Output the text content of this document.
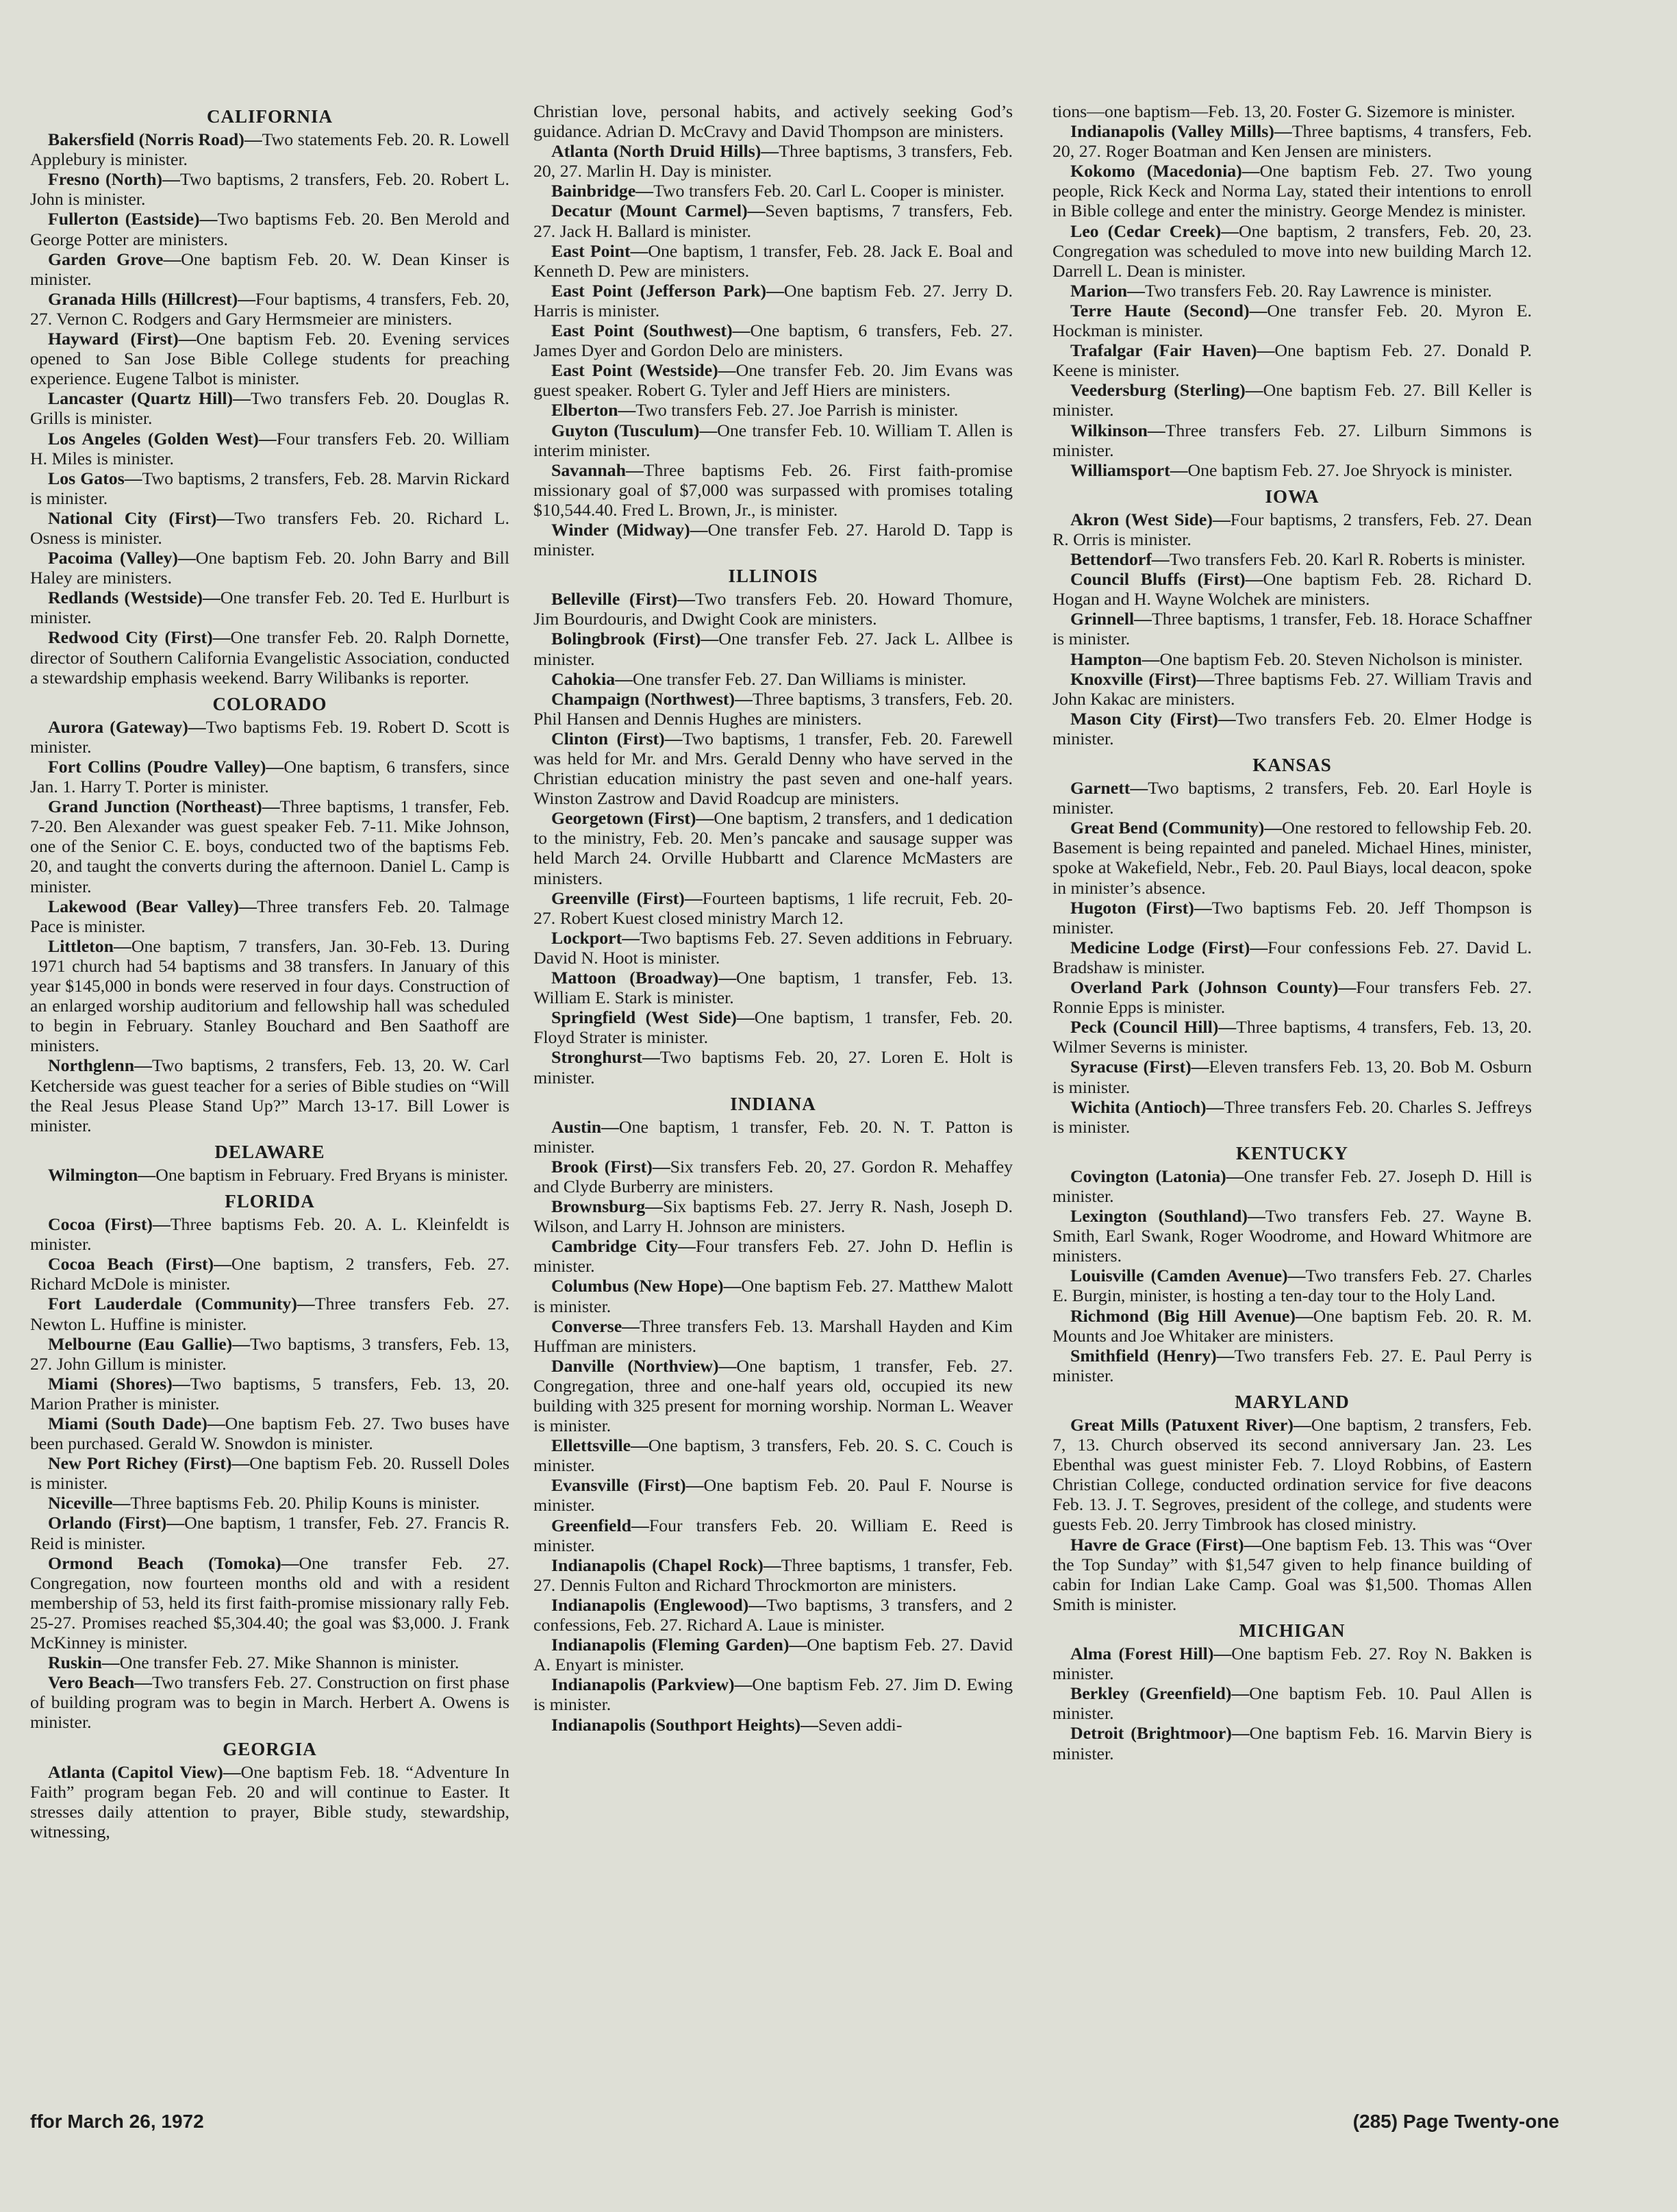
CALIFORNIA

Bakersfield (Norris Road)—Two statements Feb. 20. R. Lowell Applebury is minister.

Fresno (North)—Two baptisms, 2 transfers, Feb. 20. Robert L. John is minister.

Fullerton (Eastside)—Two baptisms Feb. 20. Ben Merold and George Potter are ministers.

Garden Grove—One baptism Feb. 20. W. Dean Kinser is minister.

Granada Hills (Hillcrest)—Four baptisms, 4 transfers, Feb. 20, 27. Vernon C. Rodgers and Gary Hermsmeier are ministers.

Hayward (First)—One baptism Feb. 20. Evening services opened to San Jose Bible College students for preaching experience. Eugene Talbot is minister.

Lancaster (Quartz Hill)—Two transfers Feb. 20. Douglas R. Grills is minister.

Los Angeles (Golden West)—Four transfers Feb. 20. William H. Miles is minister.

Los Gatos—Two baptisms, 2 transfers, Feb. 28. Marvin Rickard is minister.

National City (First)—Two transfers Feb. 20. Richard L. Osness is minister.

Pacoima (Valley)—One baptism Feb. 20. John Barry and Bill Haley are ministers.

Redlands (Westside)—One transfer Feb. 20. Ted E. Hurlburt is minister.

Redwood City (First)—One transfer Feb. 20. Ralph Dornette, director of Southern California Evangelistic Association, conducted a stewardship emphasis weekend. Barry Wilibanks is reporter.

COLORADO

Aurora (Gateway)—Two baptisms Feb. 19. Robert D. Scott is minister.

Fort Collins (Poudre Valley)—One baptism, 6 transfers, since Jan. 1. Harry T. Porter is minister.

Grand Junction (Northeast)—Three baptisms, 1 transfer, Feb. 7-20. Ben Alexander was guest speaker Feb. 7-11. Mike Johnson, one of the Senior C. E. boys, conducted two of the baptisms Feb. 20, and taught the converts during the afternoon. Daniel L. Camp is minister.

Lakewood (Bear Valley)—Three transfers Feb. 20. Talmage Pace is minister.

Littleton—One baptism, 7 transfers, Jan. 30-Feb. 13. During 1971 church had 54 baptisms and 38 transfers. In January of this year $145,000 in bonds were reserved in four days. Construction of an enlarged worship auditorium and fellowship hall was scheduled to begin in February. Stanley Bouchard and Ben Saathoff are ministers.

Northglenn—Two baptisms, 2 transfers, Feb. 13, 20. W. Carl Ketcherside was guest teacher for a series of Bible studies on “Will the Real Jesus Please Stand Up?” March 13-17. Bill Lower is minister.

DELAWARE

Wilmington—One baptism in February. Fred Bryans is minister.

FLORIDA

Cocoa (First)—Three baptisms Feb. 20. A. L. Kleinfeldt is minister.

Cocoa Beach (First)—One baptism, 2 transfers, Feb. 27. Richard McDole is minister.

Fort Lauderdale (Community)—Three transfers Feb. 27. Newton L. Huffine is minister.

Melbourne (Eau Gallie)—Two baptisms, 3 transfers, Feb. 13, 27. John Gillum is minister.

Miami (Shores)—Two baptisms, 5 transfers, Feb. 13, 20. Marion Prather is minister.

Miami (South Dade)—One baptism Feb. 27. Two buses have been purchased. Gerald W. Snowdon is minister.

New Port Richey (First)—One baptism Feb. 20. Russell Doles is minister.

Niceville—Three baptisms Feb. 20. Philip Kouns is minister.

Orlando (First)—One baptism, 1 transfer, Feb. 27. Francis R. Reid is minister.

Ormond Beach (Tomoka)—One transfer Feb. 27. Congregation, now fourteen months old and with a resident membership of 53, held its first faith-promise missionary rally Feb. 25-27. Promises reached $5,304.40; the goal was $3,000. J. Frank McKinney is minister.

Ruskin—One transfer Feb. 27. Mike Shannon is minister.

Vero Beach—Two transfers Feb. 27. Construction on first phase of building program was to begin in March. Herbert A. Owens is minister.

GEORGIA

Atlanta (Capitol View)—One baptism Feb. 18. “Adventure In Faith” program began Feb. 20 and will continue to Easter. It stresses daily attention to prayer, Bible study, stewardship, witnessing,

Christian love, personal habits, and actively seeking God’s guidance. Adrian D. McCravy and David Thompson are ministers.

Atlanta (North Druid Hills)—Three baptisms, 3 transfers, Feb. 20, 27. Marlin H. Day is minister.

Bainbridge—Two transfers Feb. 20. Carl L. Cooper is minister.

Decatur (Mount Carmel)—Seven baptisms, 7 transfers, Feb. 27. Jack H. Ballard is minister.

East Point—One baptism, 1 transfer, Feb. 28. Jack E. Boal and Kenneth D. Pew are ministers.

East Point (Jefferson Park)—One baptism Feb. 27. Jerry D. Harris is minister.

East Point (Southwest)—One baptism, 6 transfers, Feb. 27. James Dyer and Gordon Delo are ministers.

East Point (Westside)—One transfer Feb. 20. Jim Evans was guest speaker. Robert G. Tyler and Jeff Hiers are ministers.

Elberton—Two transfers Feb. 27. Joe Parrish is minister.

Guyton (Tusculum)—One transfer Feb. 10. William T. Allen is interim minister.

Savannah—Three baptisms Feb. 26. First faith-promise missionary goal of $7,000 was surpassed with promises totaling $10,544.40. Fred L. Brown, Jr., is minister.

Winder (Midway)—One transfer Feb. 27. Harold D. Tapp is minister.

ILLINOIS

Belleville (First)—Two transfers Feb. 20. Howard Thomure, Jim Bourdouris, and Dwight Cook are ministers.

Bolingbrook (First)—One transfer Feb. 27. Jack L. Allbee is minister.

Cahokia—One transfer Feb. 27. Dan Williams is minister.

Champaign (Northwest)—Three baptisms, 3 transfers, Feb. 20. Phil Hansen and Dennis Hughes are ministers.

Clinton (First)—Two baptisms, 1 transfer, Feb. 20. Farewell was held for Mr. and Mrs. Gerald Denny who have served in the Christian education ministry the past seven and one-half years. Winston Zastrow and David Roadcup are ministers.

Georgetown (First)—One baptism, 2 transfers, and 1 dedication to the ministry, Feb. 20. Men’s pancake and sausage supper was held March 24. Orville Hubbartt and Clarence McMasters are ministers.

Greenville (First)—Fourteen baptisms, 1 life recruit, Feb. 20-27. Robert Kuest closed ministry March 12.

Lockport—Two baptisms Feb. 27. Seven additions in February. David N. Hoot is minister.

Mattoon (Broadway)—One baptism, 1 transfer, Feb. 13. William E. Stark is minister.

Springfield (West Side)—One baptism, 1 transfer, Feb. 20. Floyd Strater is minister.

Stronghurst—Two baptisms Feb. 20, 27. Loren E. Holt is minister.

INDIANA

Austin—One baptism, 1 transfer, Feb. 20. N. T. Patton is minister.

Brook (First)—Six transfers Feb. 20, 27. Gordon R. Mehaffey and Clyde Burberry are ministers.

Brownsburg—Six baptisms Feb. 27. Jerry R. Nash, Joseph D. Wilson, and Larry H. Johnson are ministers.

Cambridge City—Four transfers Feb. 27. John D. Heflin is minister.

Columbus (New Hope)—One baptism Feb. 27. Matthew Malott is minister.

Converse—Three transfers Feb. 13. Marshall Hayden and Kim Huffman are ministers.

Danville (Northview)—One baptism, 1 transfer, Feb. 27. Congregation, three and one-half years old, occupied its new building with 325 present for morning worship. Norman L. Weaver is minister.

Ellettsville—One baptism, 3 transfers, Feb. 20. S. C. Couch is minister.

Evansville (First)—One baptism Feb. 20. Paul F. Nourse is minister.

Greenfield—Four transfers Feb. 20. William E. Reed is minister.

Indianapolis (Chapel Rock)—Three baptisms, 1 transfer, Feb. 27. Dennis Fulton and Richard Throckmorton are ministers.

Indianapolis (Englewood)—Two baptisms, 3 transfers, and 2 confessions, Feb. 27. Richard A. Laue is minister.

Indianapolis (Fleming Garden)—One baptism Feb. 27. David A. Enyart is minister.

Indianapolis (Parkview)—One baptism Feb. 27. Jim D. Ewing is minister.

Indianapolis (Southport Heights)—Seven addi-

tions—one baptism—Feb. 13, 20. Foster G. Sizemore is minister.

Indianapolis (Valley Mills)—Three baptisms, 4 transfers, Feb. 20, 27. Roger Boatman and Ken Jensen are ministers.

Kokomo (Macedonia)—One baptism Feb. 27. Two young people, Rick Keck and Norma Lay, stated their intentions to enroll in Bible college and enter the ministry. George Mendez is minister.

Leo (Cedar Creek)—One baptism, 2 transfers, Feb. 20, 23. Congregation was scheduled to move into new building March 12. Darrell L. Dean is minister.

Marion—Two transfers Feb. 20. Ray Lawrence is minister.

Terre Haute (Second)—One transfer Feb. 20. Myron E. Hockman is minister.

Trafalgar (Fair Haven)—One baptism Feb. 27. Donald P. Keene is minister.

Veedersburg (Sterling)—One baptism Feb. 27. Bill Keller is minister.

Wilkinson—Three transfers Feb. 27. Lilburn Simmons is minister.

Williamsport—One baptism Feb. 27. Joe Shryock is minister.

IOWA

Akron (West Side)—Four baptisms, 2 transfers, Feb. 27. Dean R. Orris is minister.

Bettendorf—Two transfers Feb. 20. Karl R. Roberts is minister.

Council Bluffs (First)—One baptism Feb. 28. Richard D. Hogan and H. Wayne Wolchek are ministers.

Grinnell—Three baptisms, 1 transfer, Feb. 18. Horace Schaffner is minister.

Hampton—One baptism Feb. 20. Steven Nicholson is minister.

Knoxville (First)—Three baptisms Feb. 27. William Travis and John Kakac are ministers.

Mason City (First)—Two transfers Feb. 20. Elmer Hodge is minister.

KANSAS

Garnett—Two baptisms, 2 transfers, Feb. 20. Earl Hoyle is minister.

Great Bend (Community)—One restored to fellowship Feb. 20. Basement is being repainted and paneled. Michael Hines, minister, spoke at Wakefield, Nebr., Feb. 20. Paul Biays, local deacon, spoke in minister’s absence.

Hugoton (First)—Two baptisms Feb. 20. Jeff Thompson is minister.

Medicine Lodge (First)—Four confessions Feb. 27. David L. Bradshaw is minister.

Overland Park (Johnson County)—Four transfers Feb. 27. Ronnie Epps is minister.

Peck (Council Hill)—Three baptisms, 4 transfers, Feb. 13, 20. Wilmer Severns is minister.

Syracuse (First)—Eleven transfers Feb. 13, 20. Bob M. Osburn is minister.

Wichita (Antioch)—Three transfers Feb. 20. Charles S. Jeffreys is minister.

KENTUCKY

Covington (Latonia)—One transfer Feb. 27. Joseph D. Hill is minister.

Lexington (Southland)—Two transfers Feb. 27. Wayne B. Smith, Earl Swank, Roger Woodrome, and Howard Whitmore are ministers.

Louisville (Camden Avenue)—Two transfers Feb. 27. Charles E. Burgin, minister, is hosting a ten-day tour to the Holy Land.

Richmond (Big Hill Avenue)—One baptism Feb. 20. R. M. Mounts and Joe Whitaker are ministers.

Smithfield (Henry)—Two transfers Feb. 27. E. Paul Perry is minister.

MARYLAND

Great Mills (Patuxent River)—One baptism, 2 transfers, Feb. 7, 13. Church observed its second anniversary Jan. 23. Les Ebenthal was guest minister Feb. 7. Lloyd Robbins, of Eastern Christian College, conducted ordination service for five deacons Feb. 13. J. T. Segroves, president of the college, and students were guests Feb. 20. Jerry Timbrook has closed ministry.

Havre de Grace (First)—One baptism Feb. 13. This was “Over the Top Sunday” with $1,547 given to help finance building of cabin for Indian Lake Camp. Goal was $1,500. Thomas Allen Smith is minister.

MICHIGAN

Alma (Forest Hill)—One baptism Feb. 27. Roy N. Bakken is minister.

Berkley (Greenfield)—One baptism Feb. 10. Paul Allen is minister.

Detroit (Brightmoor)—One baptism Feb. 16. Marvin Biery is minister.

ffor March 26, 1972	(285) Page Twenty-one
